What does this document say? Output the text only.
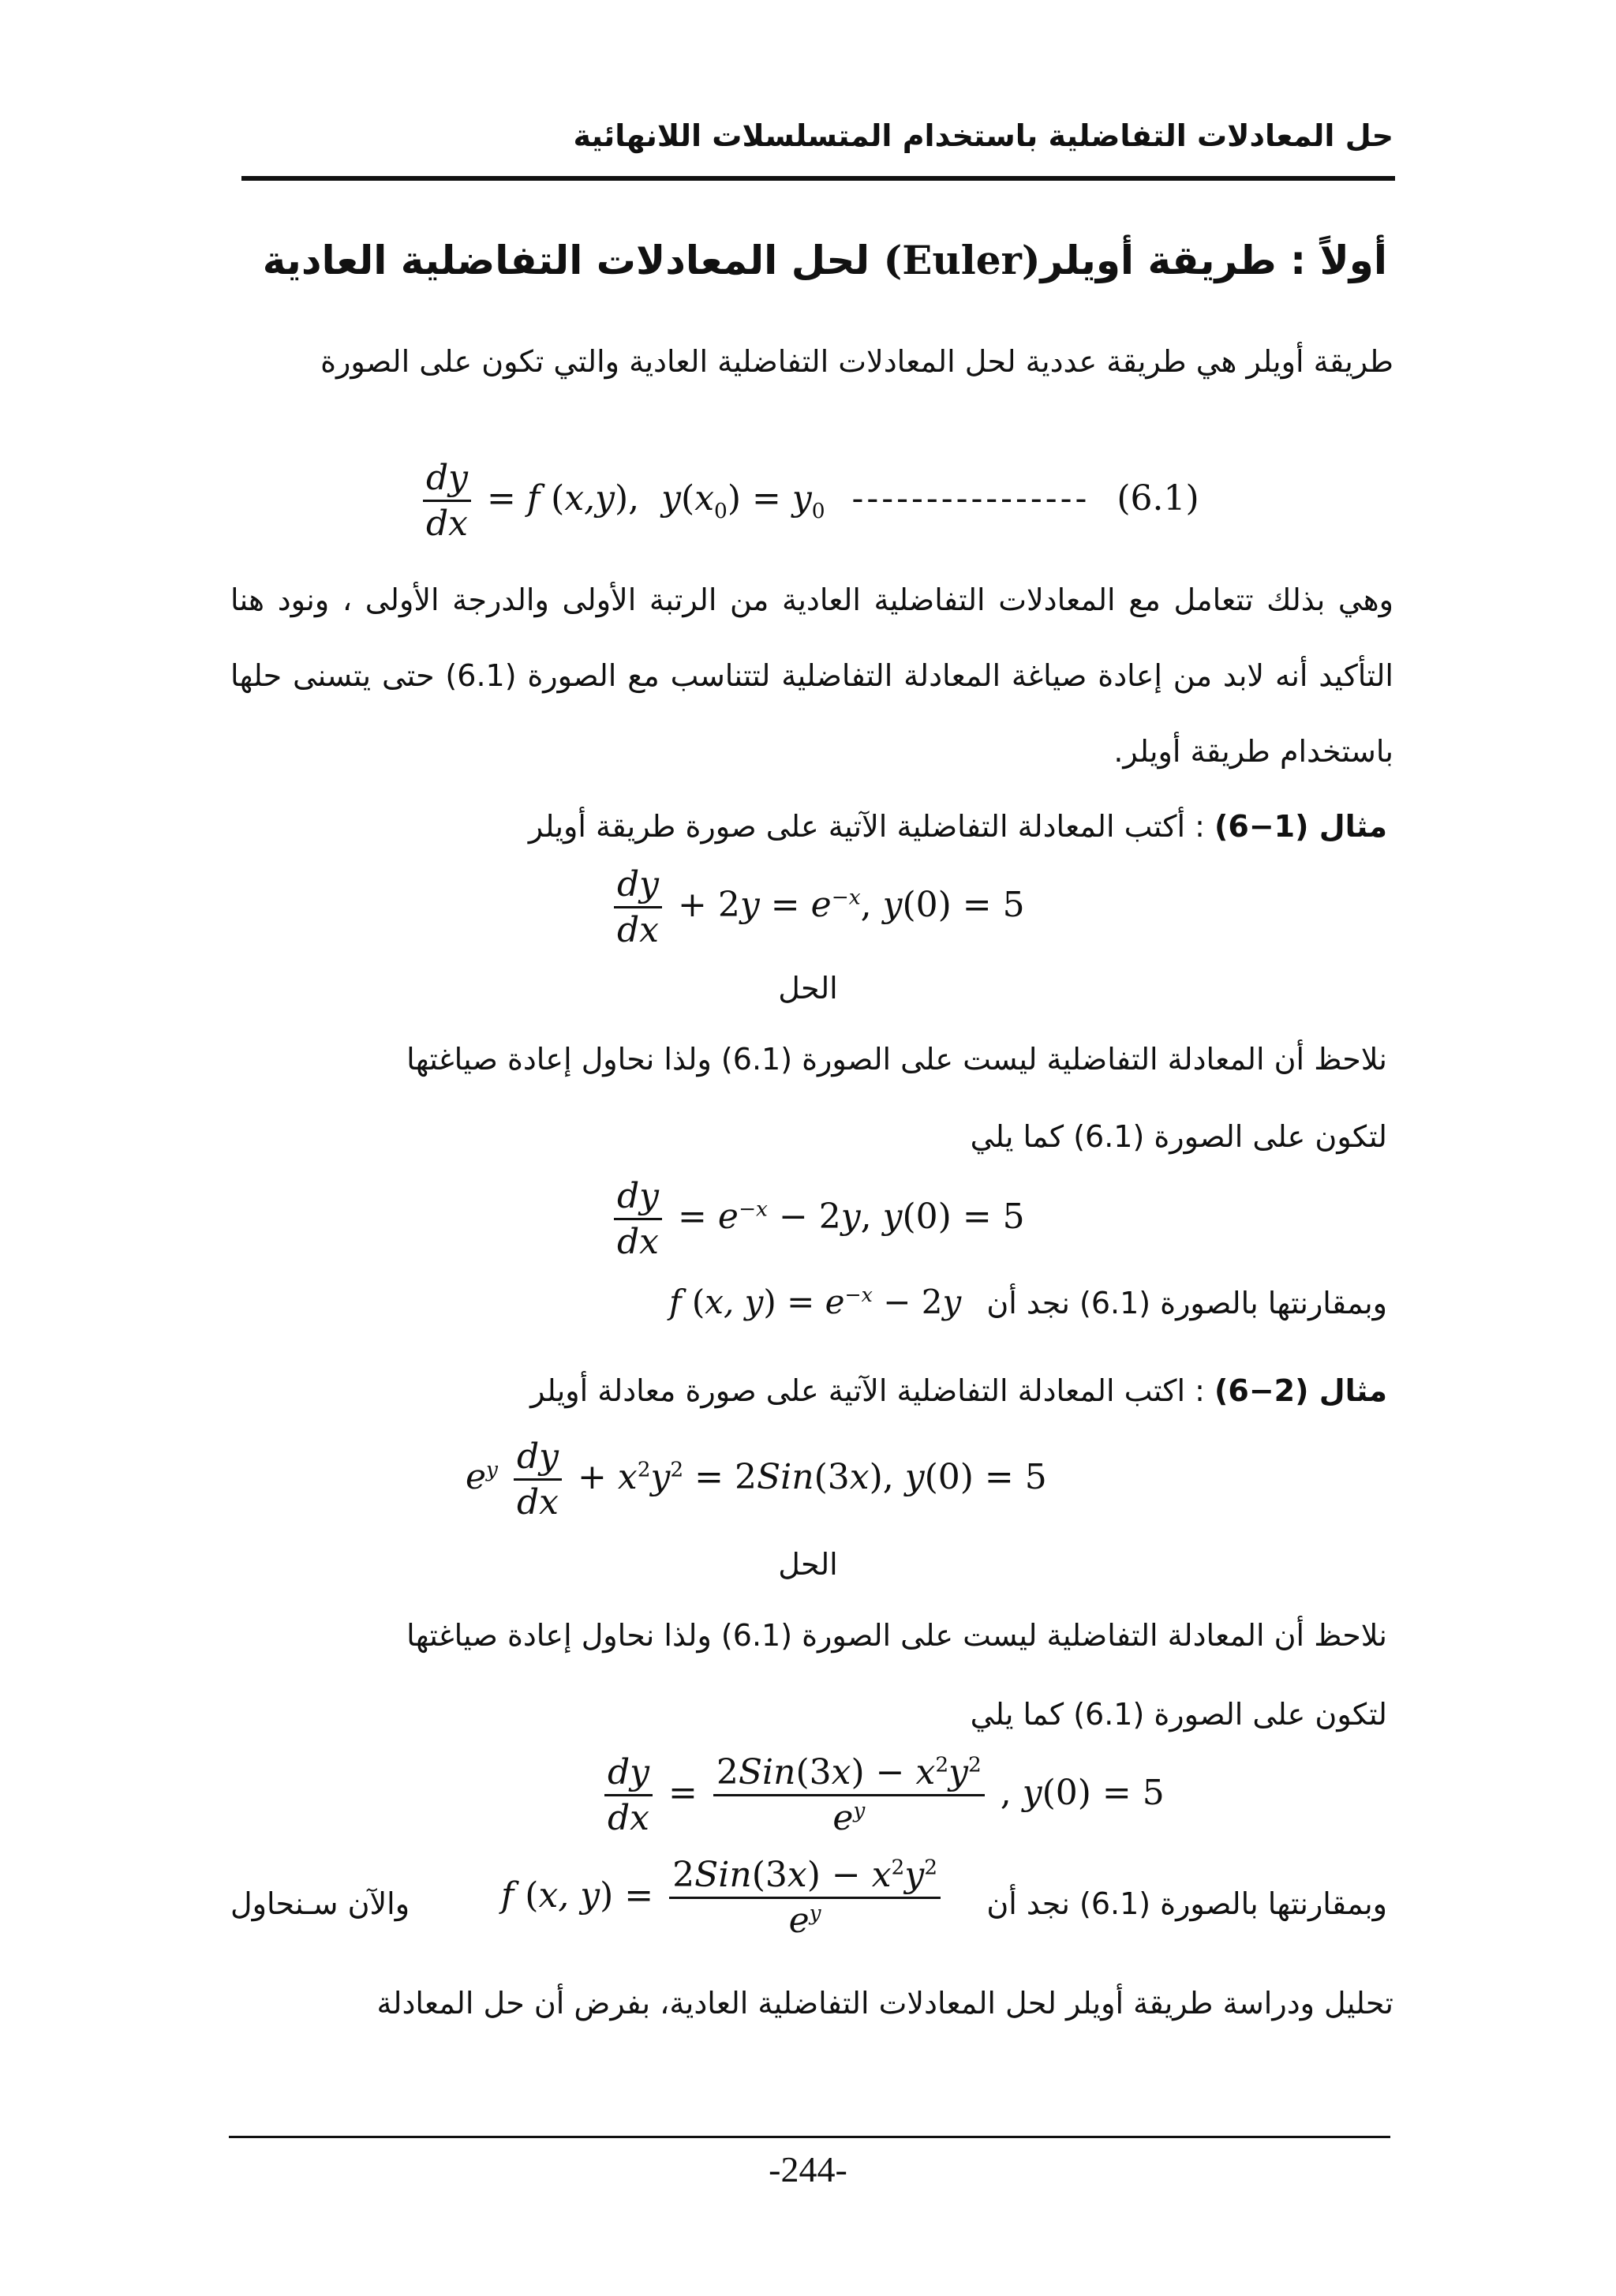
حل المعادلات التفاضلية باستخدام المتسلسلات اللانهائية
أولاً : طريقة أويلر(Euler) لحل المعادلات التفاضلية العادية
طريقة أويلر هي طريقة عددية لحل المعادلات التفاضلية العادية والتي تكون على الصورة
$\frac{dy}{dx} = f$ (x,y),  $y(x_0) = y_0$ ---------------- (6.1)
وهي بذلك تتعامل مع المعادلات التفاضلية العادية من الرتبة الأولى والدرجة الأولى ، ونود هنا التأكيد أنه لابد من إعادة صياغة المعادلة التفاضلية لتتناسب مع الصورة (6.1) حتى يتسنى حلها باستخدام طريقة أويلر.
مثال (1−6) : أكتب المعادلة التفاضلية الآتية على صورة طريقة أويلر
$\frac{dy}{dx} + 2y = e^{-x}$, y(0) = 5
الحل
نلاحظ أن المعادلة التفاضلية ليست على الصورة (6.1) ولذا نحاول إعادة صياغتها
لتكون على الصورة (6.1) كما يلي
$\frac{dy}{dx} = e^{-x} - 2y$, y(0) = 5
وبمقارنتها بالصورة (6.1) نجد أن f (x, $y) = e^{-x} - 2y$
مثال (2−6) : اكتب المعادلة التفاضلية الآتية على صورة معادلة أويلر
$e^y \frac{dy}{dx} + x^2y^2 = 2Sin(3x)$, y(0) = 5
الحل
نلاحظ أن المعادلة التفاضلية ليست على الصورة (6.1) ولذا نحاول إعادة صياغتها
لتكون على الصورة (6.1) كما يلي
$\frac{dy}{dx} = \frac{2Sin(3x) - x^2y^2}{e^y}$ , y(0) = 5
وبمقارنتها بالصورة (6.1) نجد أن
f (x, $y) = \frac{2Sin(3x) - x^2y^2}{e^y}$
والآن سـنحاول
تحليل ودراسة طريقة أويلر لحل المعادلات التفاضلية العادية، بفرض أن حل المعادلة
-244-
